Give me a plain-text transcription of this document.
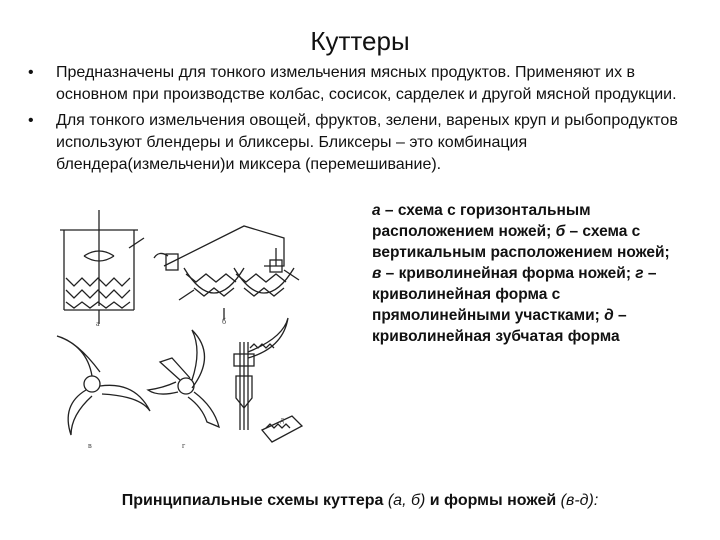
Куттеры
• Предназначены для тонкого измельчения мясных продуктов. Применяют их в основном при производстве колбас, сосисок, сарделек и другой мясной продукции.
• Для тонкого измельчения овощей, фруктов, зелени, вареных круп и рыбопродуктов используют блендеры и бликсеры. Бликсеры – это комбинация блендера(измельчени)и миксера (перемешивание).
а	б
в	г
д
а – схема с горизонтальным расположением ножей; б – схема с вертикальным расположением ножей; в – криволинейная форма ножей; г – криволинейная форма с прямолинейными участками; д – криволинейная зубчатая форма
Принципиальные схемы куттера (а, б) и формы ножей (в-д):
